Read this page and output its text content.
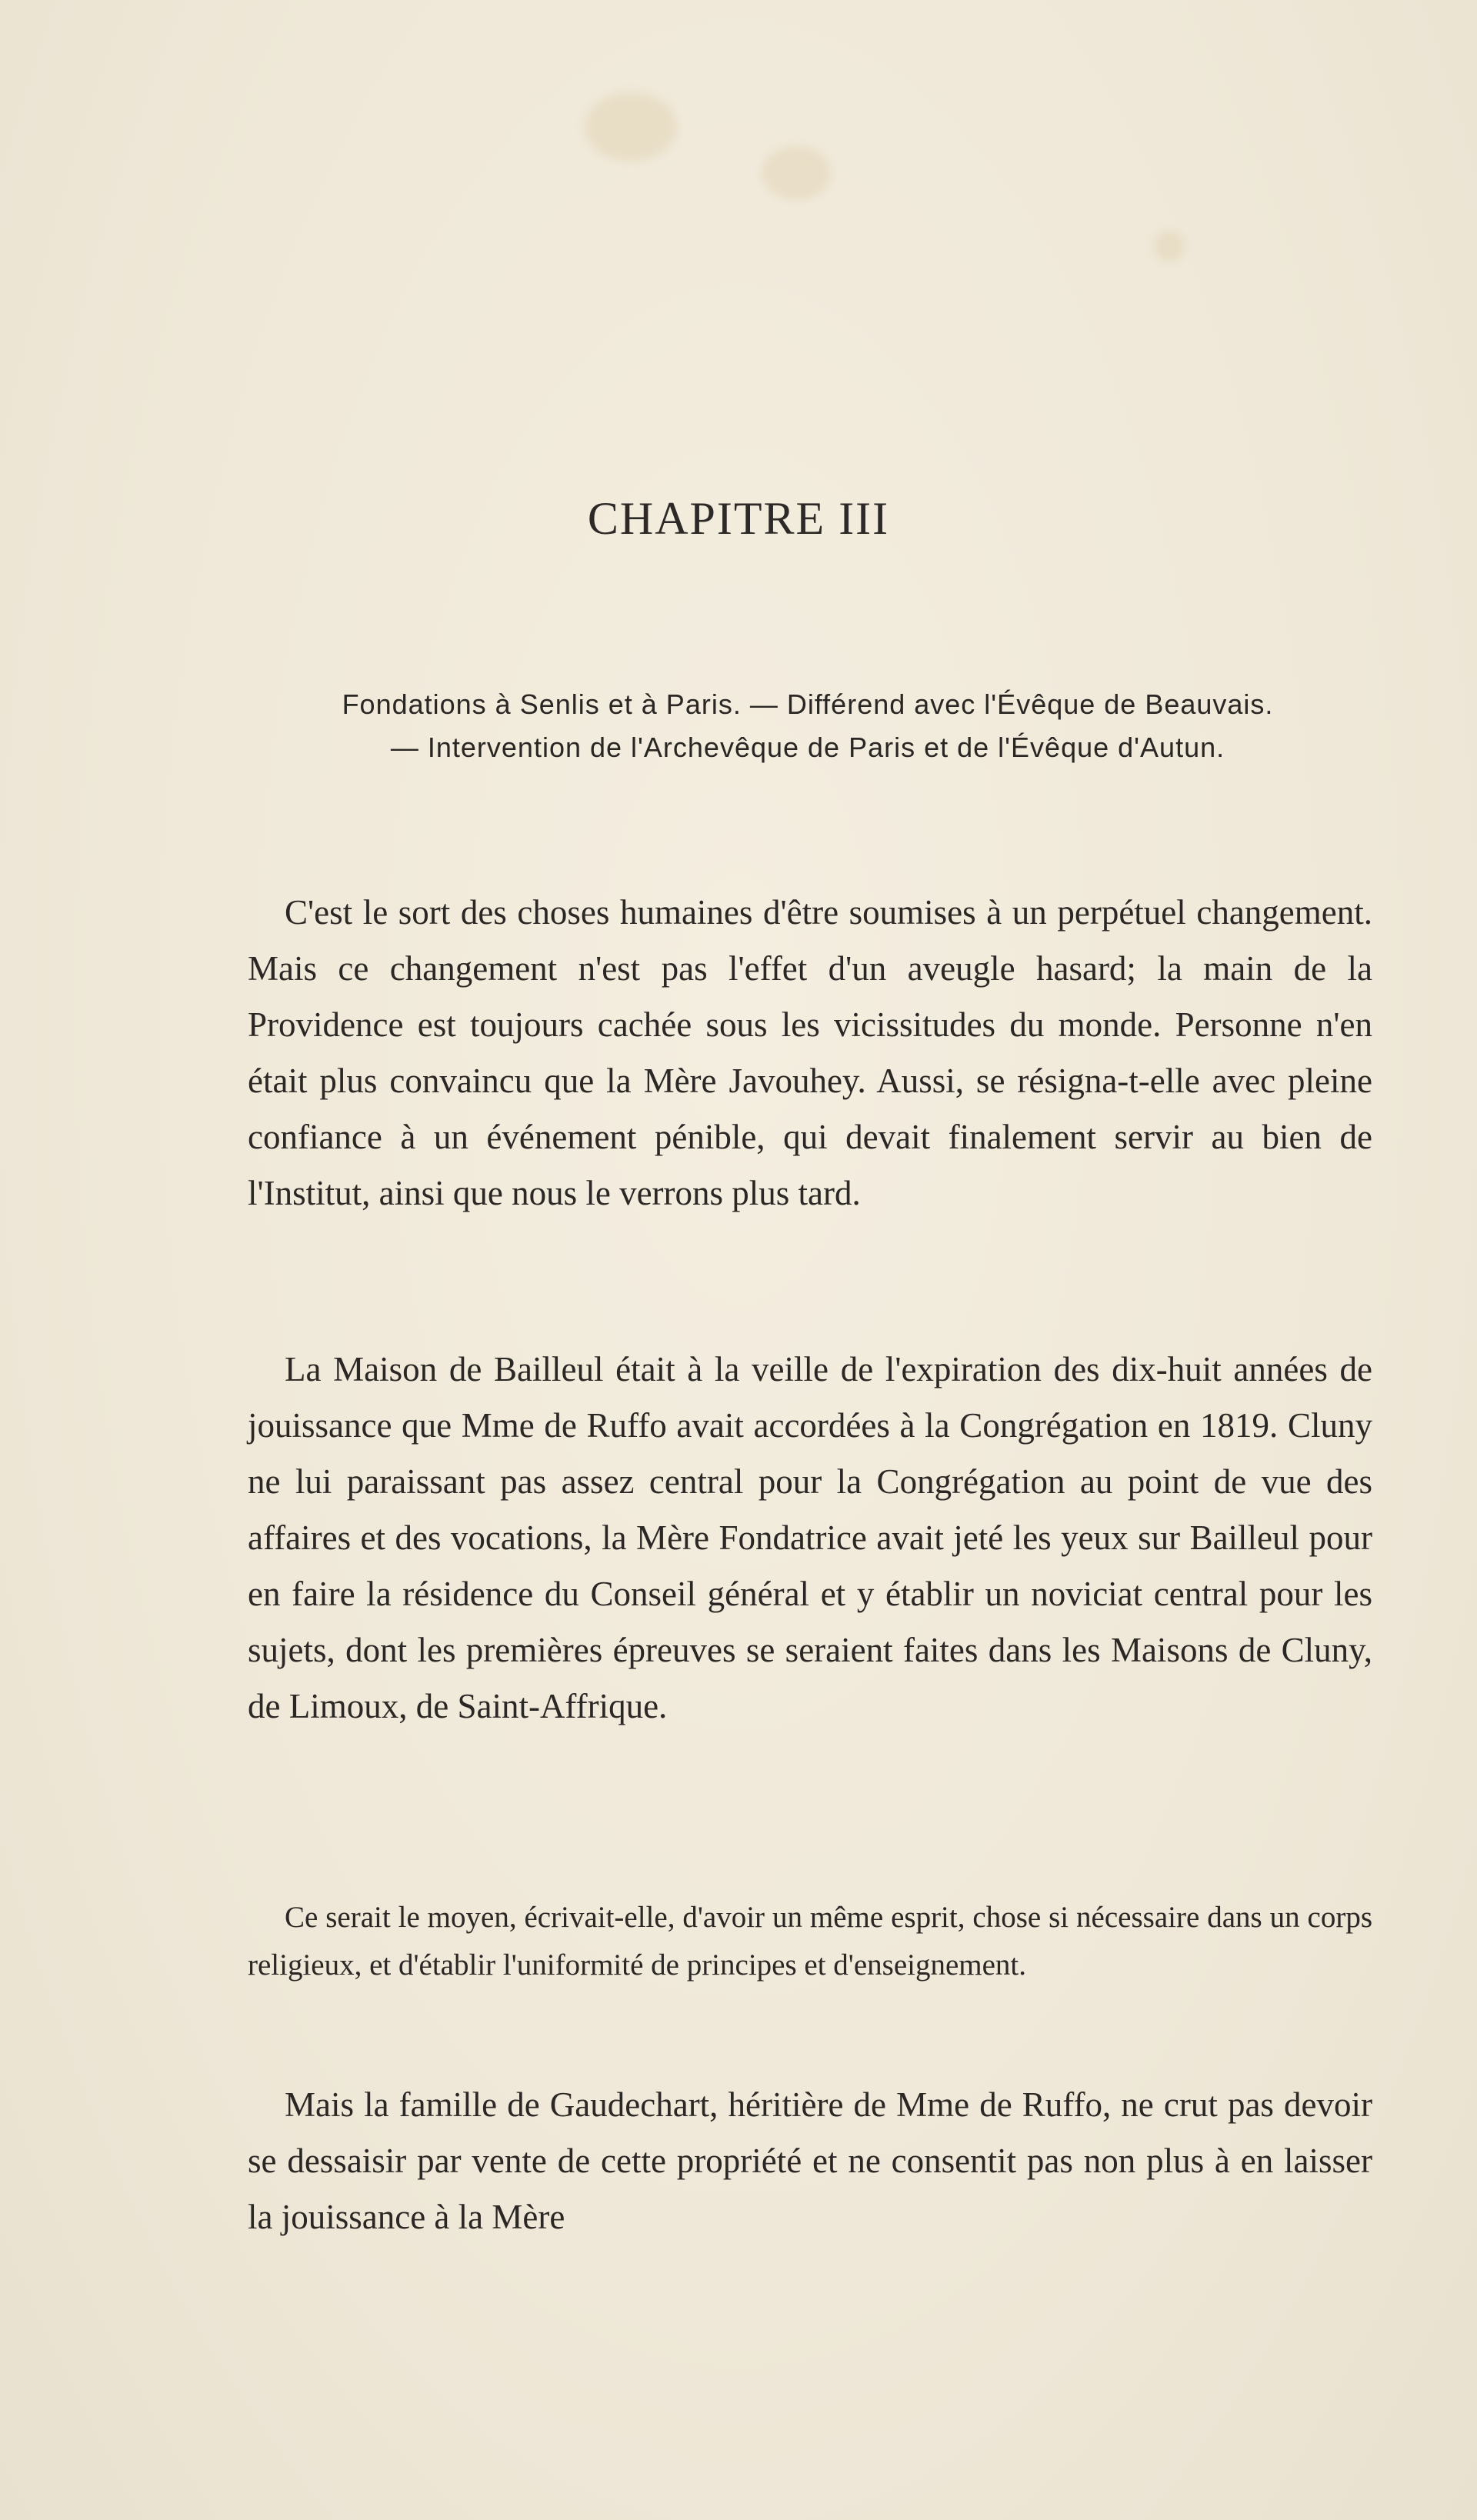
CHAPITRE III
Fondations à Senlis et à Paris. — Différend avec l'Évêque de Beauvais.
— Intervention de l'Archevêque de Paris et de l'Évêque d'Autun.

C'est le sort des choses humaines d'être soumises à un perpétuel changement. Mais ce changement n'est pas l'effet d'un aveugle hasard; la main de la Providence est toujours cachée sous les vicissitudes du monde. Personne n'en était plus convaincu que la Mère Javouhey. Aussi, se résigna-t-elle avec pleine confiance à un événement pénible, qui devait finalement servir au bien de l'Institut, ainsi que nous le verrons plus tard.

La Maison de Bailleul était à la veille de l'expiration des dix-huit années de jouissance que Mme de Ruffo avait accordées à la Congrégation en 1819. Cluny ne lui paraissant pas assez central pour la Congrégation au point de vue des affaires et des vocations, la Mère Fondatrice avait jeté les yeux sur Bailleul pour en faire la résidence du Conseil général et y établir un noviciat central pour les sujets, dont les premières épreuves se seraient faites dans les Maisons de Cluny, de Limoux, de Saint-Affrique.

Ce serait le moyen, écrivait-elle, d'avoir un même esprit, chose si nécessaire dans un corps religieux, et d'établir l'uniformité de principes et d'enseignement.

Mais la famille de Gaudechart, héritière de Mme de Ruffo, ne crut pas devoir se dessaisir par vente de cette propriété et ne consentit pas non plus à en laisser la jouissance à la Mère
